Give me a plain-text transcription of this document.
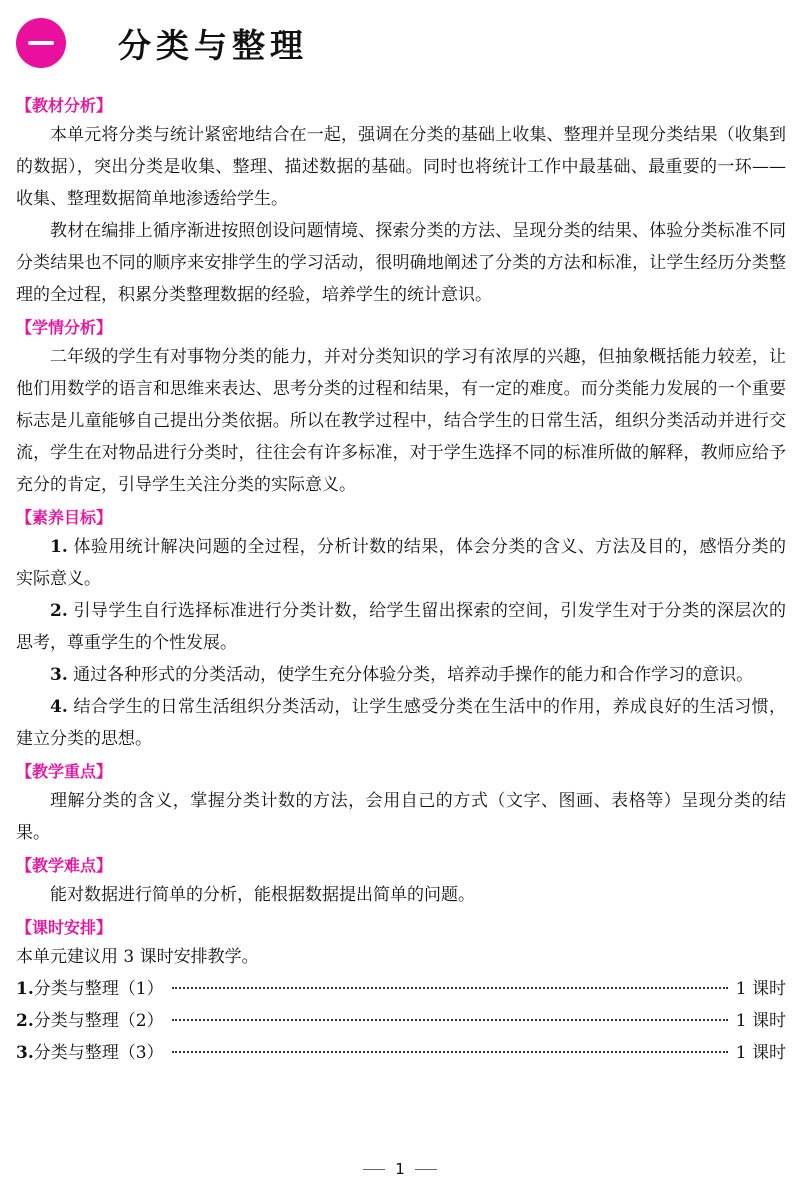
分类与整理
【教材分析】

本单元将分类与统计紧密地结合在一起，强调在分类的基础上收集、整理并呈现分类结果（收集到的数据），突出分类是收集、整理、描述数据的基础。同时也将统计工作中最基础、最重要的一环——收集、整理数据简单地渗透给学生。

教材在编排上循序渐进按照创设问题情境、探索分类的方法、呈现分类的结果、体验分类标准不同分类结果也不同的顺序来安排学生的学习活动，很明确地阐述了分类的方法和标准，让学生经历分类整理的全过程，积累分类整理数据的经验，培养学生的统计意识。

【学情分析】

二年级的学生有对事物分类的能力，并对分类知识的学习有浓厚的兴趣，但抽象概括能力较差，让他们用数学的语言和思维来表达、思考分类的过程和结果，有一定的难度。而分类能力发展的一个重要标志是儿童能够自己提出分类依据。所以在教学过程中，结合学生的日常生活，组织分类活动并进行交流，学生在对物品进行分类时，往往会有许多标准，对于学生选择不同的标准所做的解释，教师应给予充分的肯定，引导学生关注分类的实际意义。

【素养目标】

1. 体验用统计解决问题的全过程，分析计数的结果，体会分类的含义、方法及目的，感悟分类的实际意义。

2. 引导学生自行选择标准进行分类计数，给学生留出探索的空间，引发学生对于分类的深层次的思考，尊重学生的个性发展。

3. 通过各种形式的分类活动，使学生充分体验分类，培养动手操作的能力和合作学习的意识。

4. 结合学生的日常生活组织分类活动，让学生感受分类在生活中的作用，养成良好的生活习惯，建立分类的思想。

【教学重点】

理解分类的含义，掌握分类计数的方法，会用自己的方式（文字、图画、表格等）呈现分类的结果。

【教学难点】

能对数据进行简单的分析，能根据数据提出简单的问题。

【课时安排】

本单元建议用 3 课时安排教学。

1. 分类与整理（1）	1 课时
2. 分类与整理（2）	1 课时
3. 分类与整理（3）	1 课时
1
